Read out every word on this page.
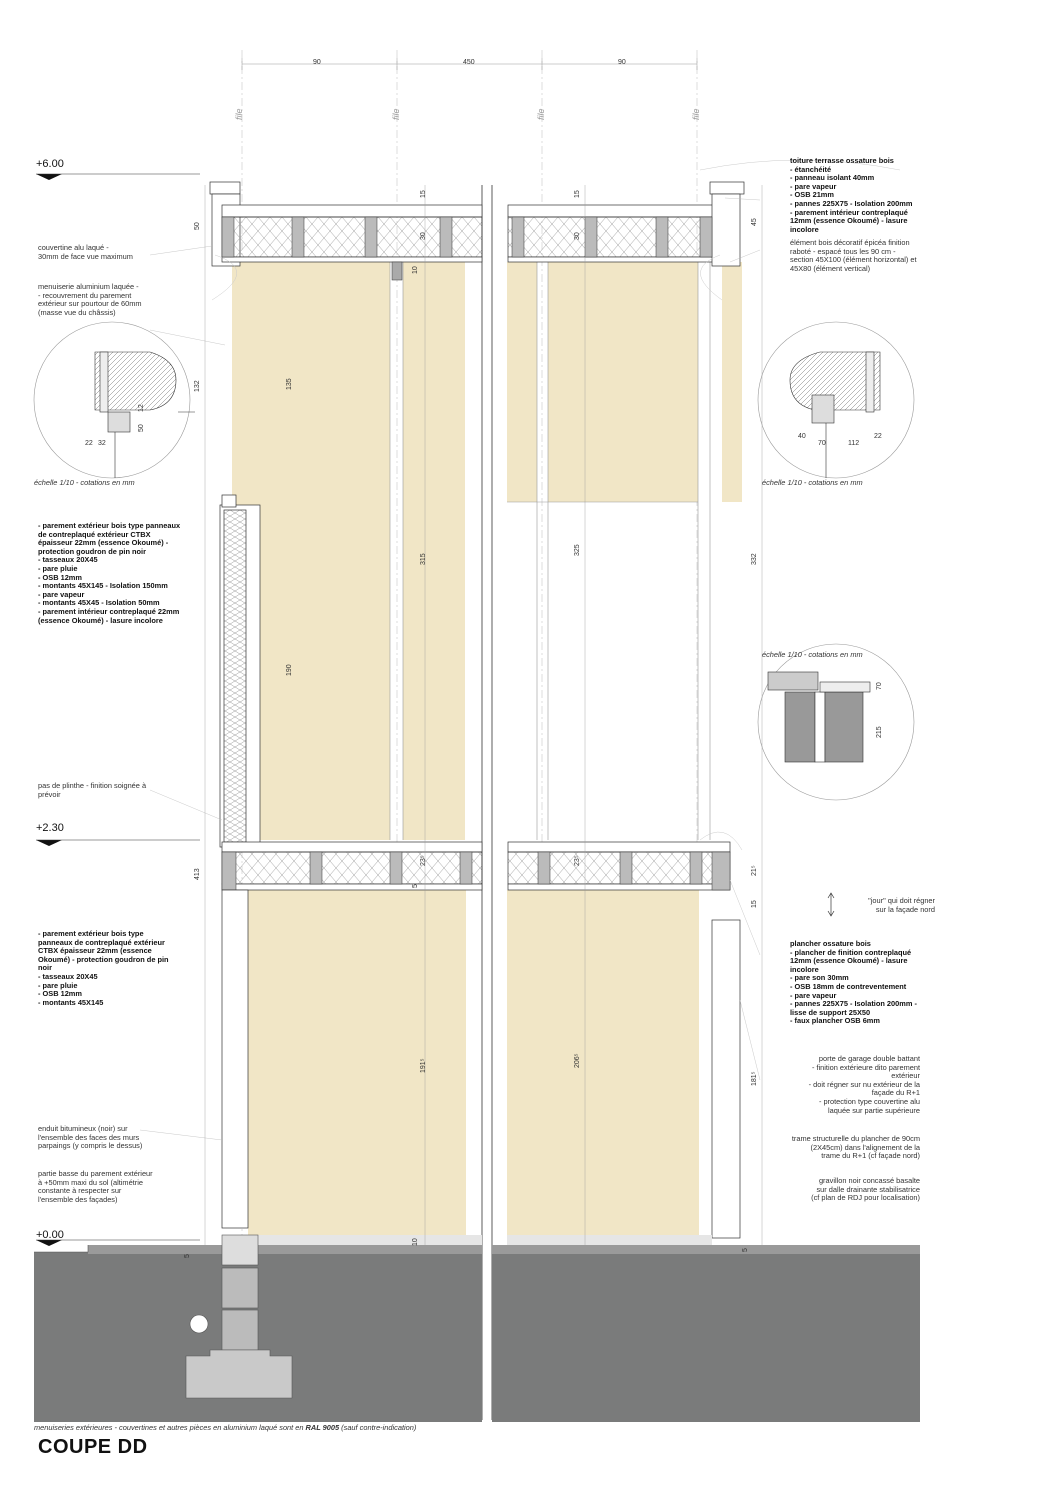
90	450	90
file	file	file	file
+6.00
+2.30
+0.00
50
15	15
30	30
10
45
135
132
315
325
332
190
413
23⁵	23⁵
5
21⁵
15
191⁵	206⁵
181⁵
5
10
5
22 32
50
12
40
70	112
22
70
215
couvertine alu laqué -
30mm de face vue maximum
menuiserie aluminium laquée -
- recouvrement du parement
extérieur sur pourtour de 60mm
(masse vue du châssis)
échelle 1/10 - cotations en mm
- parement extérieur bois type panneaux
de contreplaqué extérieur CTBX
épaisseur 22mm (essence Okoumé) -
protection goudron de pin noir
- tasseaux 20X45
- pare pluie
- OSB 12mm
- montants 45X145 - Isolation 150mm
- pare vapeur
- montants 45X45 - Isolation 50mm
- parement intérieur contreplaqué 22mm
(essence Okoumé) - lasure incolore
pas de plinthe - finition soignée à
prévoir
- parement extérieur bois type
panneaux de contreplaqué extérieur
CTBX épaisseur 22mm (essence
Okoumé) - protection goudron de pin
noir
- tasseaux 20X45
- pare pluie
- OSB 12mm
- montants 45X145
enduit bitumineux (noir) sur
l'ensemble des faces des murs
parpaings (y compris le dessus)
partie basse du parement extérieur
à +50mm maxi du sol (altimétrie
constante à respecter sur
l'ensemble des façades)
toiture terrasse ossature bois
- étanchéité
- panneau isolant 40mm
- pare vapeur
- OSB 21mm
- pannes 225X75 - Isolation 200mm
- parement intérieur contreplaqué
12mm (essence Okoumé) - lasure
incolore
élément bois décoratif épicéa finition
raboté - espacé tous les 90 cm -
section 45X100 (élément horizontal) et
45X80 (élément vertical)
échelle 1/10 - cotations en mm
échelle 1/10 - cotations en mm
"jour" qui doit régner
sur la façade nord
plancher ossature bois
- plancher de finition contreplaqué
12mm (essence Okoumé) - lasure
incolore
- pare son 30mm
- OSB 18mm de contreventement
- pare vapeur
- pannes 225X75 - Isolation 200mm -
lisse de support 25X50
- faux plancher OSB 6mm
porte de garage double battant
- finition extérieure dito parement
extérieur
- doit régner sur nu extérieur de la
façade du R+1
- protection type couvertine alu
laquée sur partie supérieure
trame structurelle du plancher de 90cm
(2X45cm) dans l'alignement de la
trame du R+1 (cf façade nord)
gravillon noir concassé basalte
sur dalle drainante stabilisatrice
(cf plan de RDJ pour localisation)
menuiseries extérieures - couvertines et autres pièces en aluminium laqué sont en RAL 9005 (sauf contre-indication)
COUPE DD
